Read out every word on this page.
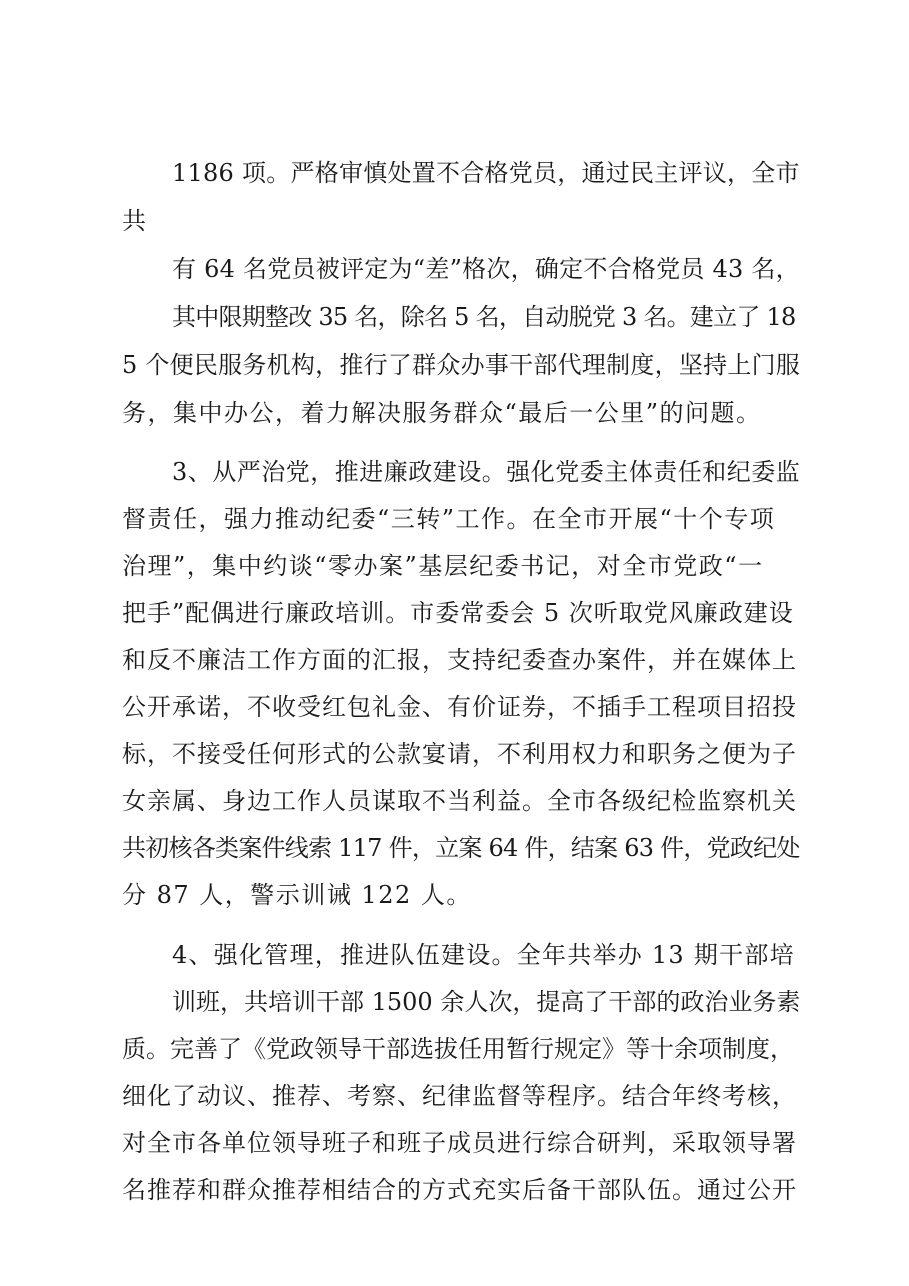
1186 项。严格审慎处置不合格党员，通过民主评议，全市
共
有 64 名党员被评定为“差”格次，确定不合格党员 43 名，
其中限期整改 35 名，除名 5 名，自动脱党 3 名。建立了 18
5 个便民服务机构，推行了群众办事干部代理制度，坚持上门服
务，集中办公，着力解决服务群众“最后一公里”的问题。
3、从严治党，推进廉政建设。强化党委主体责任和纪委监
督责任，强力推动纪委“三转”工作。在全市开展“十个专项
治理”，集中约谈“零办案”基层纪委书记，对全市党政“一
把手”配偶进行廉政培训。市委常委会 5 次听取党风廉政建设
和反不廉洁工作方面的汇报，支持纪委查办案件，并在媒体上
公开承诺，不收受红包礼金、有价证券，不插手工程项目招投
标，不接受任何形式的公款宴请，不利用权力和职务之便为子
女亲属、身边工作人员谋取不当利益。全市各级纪检监察机关
共初核各类案件线索 117 件，立案 64 件，结案 63 件，党政纪处
分 87 人，警示训诫 122 人。
4、强化管理，推进队伍建设。全年共举办 13 期干部培
训班，共培训干部 1500 余人次，提高了干部的政治业务素
质。完善了《党政领导干部选拔任用暂行规定》等十余项制度，
细化了动议、推荐、考察、纪律监督等程序。结合年终考核，
对全市各单位领导班子和班子成员进行综合研判，采取领导署
名推荐和群众推荐相结合的方式充实后备干部队伍。通过公开
